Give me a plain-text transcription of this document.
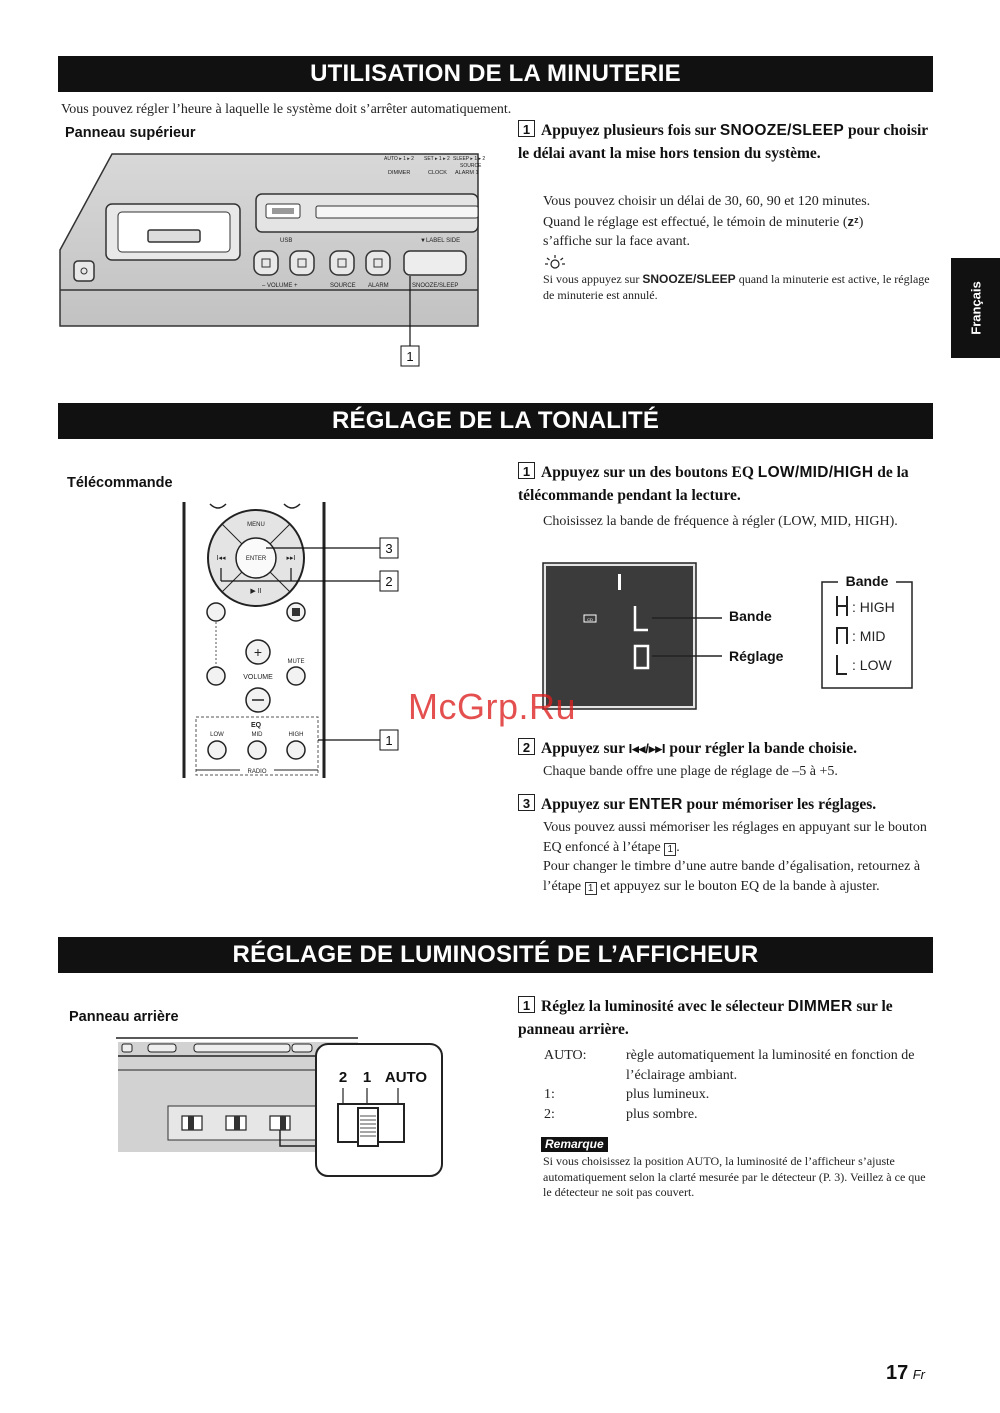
Français
UTILISATION DE LA MINUTERIE
Vous pouvez régler l’heure à laquelle le système doit s’arrêter automatiquement.
Panneau supérieur
USB	▼LABEL SIDE
AUTO ▸ 1 ▸ 2
DIMMER
SET ▸ 1 ▸ 2
CLOCK
SLEEP ▸ 1 ▸ 2
ALARM 1
SOURCE
– VOLUME +	SOURCE ALARM	SNOOZE/SLEEP
1
1 Appuyez plusieurs fois sur SNOOZE/SLEEP pour choisir le délai avant la mise hors tension du système.
Vous pouvez choisir un délai de 30, 60, 90 et 120 minutes.
Quand le réglage est effectué, le témoin de minuterie (zᶻ)
s’affiche sur la face avant.
Si vous appuyez sur SNOOZE/SLEEP quand la minuterie est active, le réglage de minuterie est annulé.
RÉGLAGE DE LA TONALITÉ
Télécommande
MENU
ENTER
I◂◂	▸▸I
▶ II
+
VOLUME
MUTE
EQ
LOW	MID	HIGH
RADIO
3
2
1
1 Appuyez sur un des boutons EQ LOW/MID/HIGH de la télécommande pendant la lecture.
Choisissez la bande de fréquence à régler (LOW, MID, HIGH).
CD	Bande
Réglage
Bande
: HIGH
: MID
: LOW
2 Appuyez sur I◂◂/▸▸I pour régler la bande choisie.
Chaque bande offre une plage de réglage de –5 à +5.
3 Appuyez sur ENTER pour mémoriser les réglages.
Vous pouvez aussi mémoriser les réglages en appuyant sur le bouton EQ enfoncé à l’étape 1 .
Pour changer le timbre d’une autre bande d’égalisation, retournez à l’étape 1 et appuyez sur le bouton EQ de la bande à ajuster.
RÉGLAGE DE LUMINOSITÉ DE L’AFFICHEUR
Panneau arrière
2 1 AUTO
1 Réglez la luminosité avec le sélecteur DIMMER sur le panneau arrière.
AUTO:	règle automatiquement la luminosité en fonction de l’éclairage ambiant.
1:	plus lumineux.
2:	plus sombre.
Remarque
Si vous choisissez la position AUTO, la luminosité de l’afficheur s’ajuste automatiquement selon la clarté mesurée par le détecteur (P. 3). Veillez à ce que le détecteur ne soit pas couvert.
McGrp.Ru
17 Fr
